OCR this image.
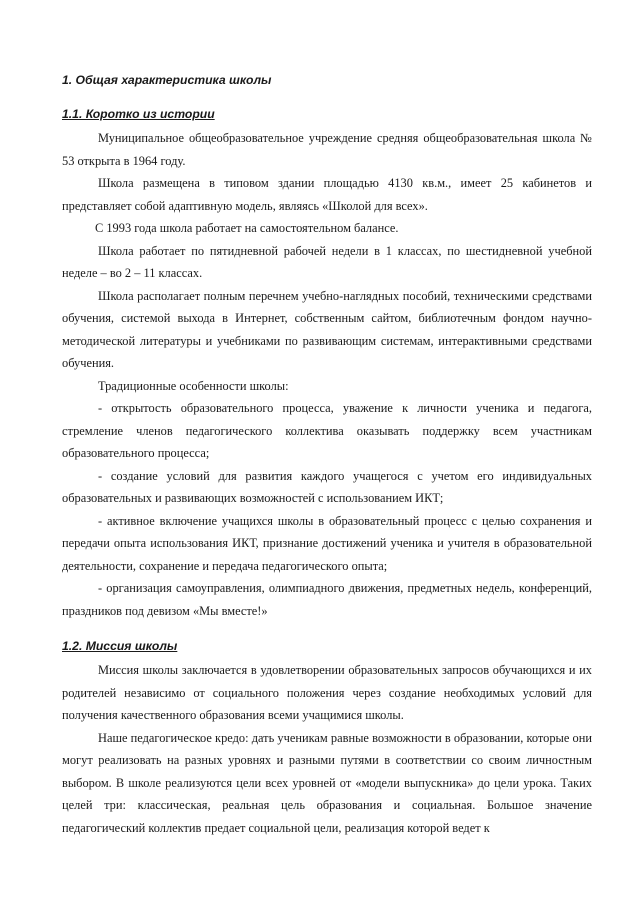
1. Общая характеристика школы
1.1. Коротко из истории

Муниципальное общеобразовательное учреждение средняя общеобразовательная школа № 53 открыта в 1964 году.

Школа размещена в типовом здании площадью 4130 кв.м., имеет 25 кабинетов и представляет собой адаптивную модель, являясь «Школой для всех».

С 1993 года школа работает на самостоятельном балансе.

Школа работает по пятидневной рабочей недели в 1 классах, по шестидневной учебной неделе – во 2 – 11 классах.

Школа располагает полным перечнем учебно-наглядных пособий, техническими средствами обучения, системой выхода в Интернет, собственным сайтом, библиотечным фондом научно-методической литературы и учебниками по развивающим системам, интерактивными средствами обучения.

Традиционные особенности школы:

- открытость образовательного процесса, уважение к личности ученика и педагога, стремление членов педагогического коллектива оказывать поддержку всем участникам образовательного процесса;

- создание условий для развития каждого учащегося с учетом его индивидуальных образовательных и развивающих возможностей с использованием ИКТ;

- активное включение учащихся школы в образовательный процесс с целью сохранения и передачи опыта использования ИКТ, признание достижений ученика и учителя в образовательной деятельности, сохранение и передача педагогического опыта;

- организация самоуправления, олимпиадного движения, предметных недель, конференций, праздников под девизом «Мы вместе!»

1.2. Миссия школы

Миссия школы заключается в удовлетворении образовательных запросов обучающихся и их родителей независимо от социального положения через создание необходимых условий для получения качественного образования всеми учащимися школы.

Наше педагогическое кредо: дать ученикам равные возможности в образовании, которые они могут реализовать на разных уровнях и разными путями в соответствии со своим личностным выбором. В школе реализуются цели всех уровней от «модели выпускника» до цели урока. Таких целей три: классическая, реальная цель образования и социальная. Большое значение педагогический коллектив предает социальной цели, реализация которой ведет к
